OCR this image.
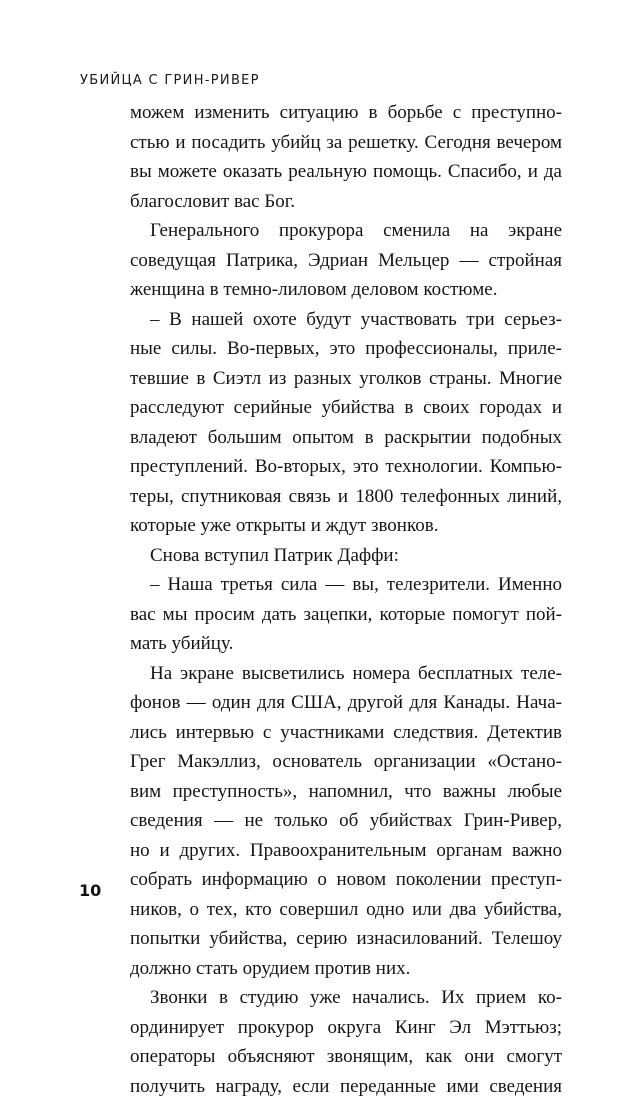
УБИЙЦА С ГРИН-РИВЕР
можем изменить ситуацию в борьбе с преступно-
стью и посадить убийц за решетку. Сегодня вечером
вы можете оказать реальную помощь. Спасибо, и да
благословит вас Бог.
Генерального прокурора сменила на экране
соведущая Патрика, Эдриан Мельцер — стройная
женщина в темно-лиловом деловом костюме.
– В нашей охоте будут участвовать три серьез-
ные силы. Во-первых, это профессионалы, приле-
тевшие в Сиэтл из разных уголков страны. Многие
расследуют серийные убийства в своих городах и
владеют большим опытом в раскрытии подобных
преступлений. Во-вторых, это технологии. Компью-
теры, спутниковая связь и 1800 телефонных линий,
которые уже открыты и ждут звонков.
Снова вступил Патрик Даффи:
– Наша третья сила — вы, телезрители. Именно
вас мы просим дать зацепки, которые помогут пой-
мать убийцу.
На экране высветились номера бесплатных теле-
фонов — один для США, другой для Канады. Нача-
лись интервью с участниками следствия. Детектив
Грег Макэллиз, основатель организации «Остано-
вим преступность», напомнил, что важны любые
сведения — не только об убийствах Грин-Ривер,
но и других. Правоохранительным органам важно
собрать информацию о новом поколении преступ-
ников, о тех, кто совершил одно или два убийства,
попытки убийства, серию изнасилований. Телешоу
должно стать орудием против них.
Звонки в студию уже начались. Их прием ко-
ординирует прокурор округа Кинг Эл Мэттьюз;
операторы объясняют звонящим, как они смогут
получить награду, если переданные ими сведения
10
